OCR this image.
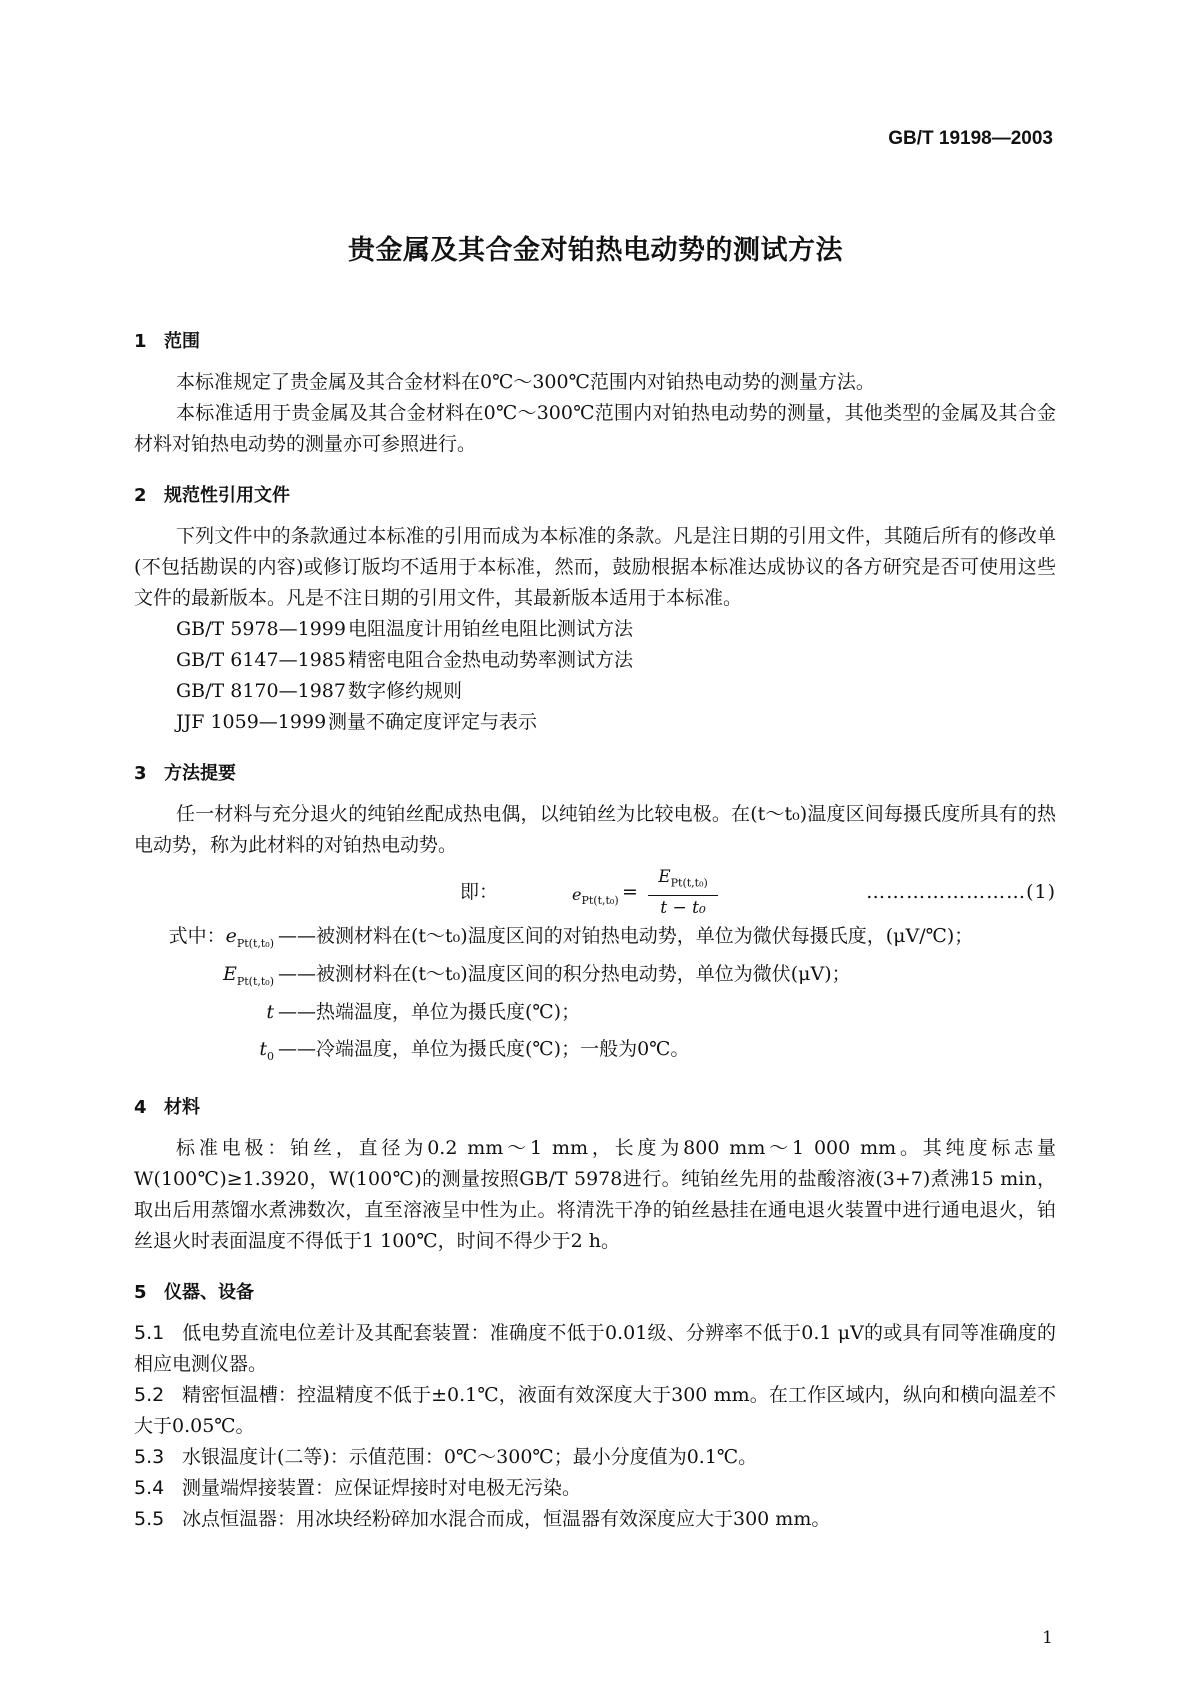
GB/T 19198—2003
贵金属及其合金对铂热电动势的测试方法
1 范围

本标准规定了贵金属及其合金材料在0℃～300℃范围内对铂热电动势的测量方法。

本标准适用于贵金属及其合金材料在0℃～300℃范围内对铂热电动势的测量，其他类型的金属及其合金材料对铂热电动势的测量亦可参照进行。

2 规范性引用文件

下列文件中的条款通过本标准的引用而成为本标准的条款。凡是注日期的引用文件，其随后所有的修改单(不包括勘误的内容)或修订版均不适用于本标准，然而，鼓励根据本标准达成协议的各方研究是否可使用这些文件的最新版本。凡是不注日期的引用文件，其最新版本适用于本标准。

GB/T 5978—1999 电阻温度计用铂丝电阻比测试方法
GB/T 6147—1985 精密电阻合金热电动势率测试方法
GB/T 8170—1987 数字修约规则
JJF 1059—1999测量不确定度评定与表示
3 方法提要

任一材料与充分退火的纯铂丝配成热电偶，以纯铂丝为比较电极。在(t～t₀)温度区间每摄氏度所具有的热电动势，称为此材料的对铂热电动势。

即：	$e_{Pt(t,t_0)}$ =
$E_{Pt(t,t_0)}$
t − t₀
……………………(1)
式中：$e_{Pt(t,t_0)}$ ——被测材料在(t～t₀)温度区间的对铂热电动势，单位为微伏每摄氏度，(μV/℃)；
$E_{Pt(t,t_0)}$ ——被测材料在(t～t₀)温度区间的积分热电动势，单位为微伏(μV)；
t ——热端温度，单位为摄氏度(℃)；
$t_0$ ——冷端温度，单位为摄氏度(℃)；一般为0℃。
4 材料

标准电极：铂丝，直径为0.2 mm～1 mm，长度为800 mm～1 000 mm。其纯度标志量W(100℃)≥1.3920，W(100℃)的测量按照GB/T 5978进行。纯铂丝先用的盐酸溶液(3+7)煮沸15 min，取出后用蒸馏水煮沸数次，直至溶液呈中性为止。将清洗干净的铂丝悬挂在通电退火装置中进行通电退火，铂丝退火时表面温度不得低于1 100℃，时间不得少于2 h。

5 仪器、设备
5.1 低电势直流电位差计及其配套装置：准确度不低于0.01级、分辨率不低于0.1 μV的或具有同等准确度的相应电测仪器。
5.2 精密恒温槽：控温精度不低于±0.1℃，液面有效深度大于300 mm。在工作区域内，纵向和横向温差不大于0.05℃。
5.3 水银温度计(二等)：示值范围：0℃～300℃；最小分度值为0.1℃。
5.4 测量端焊接装置：应保证焊接时对电极无污染。
5.5 冰点恒温器：用冰块经粉碎加水混合而成，恒温器有效深度应大于300 mm。
1
